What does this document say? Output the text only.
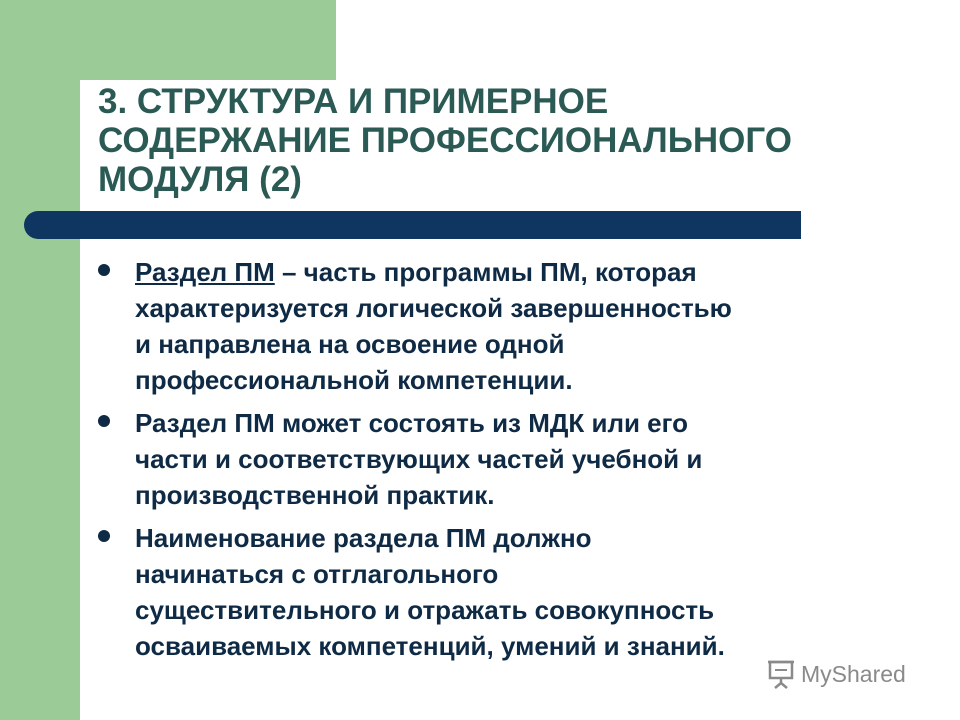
3. СТРУКТУРА И ПРИМЕРНОЕ
СОДЕРЖАНИЕ ПРОФЕССИОНАЛЬНОГО
МОДУЛЯ (2)
Раздел ПМ – часть программы ПМ, которая
характеризуется логической завершенностью
и направлена на освоение одной
профессиональной компетенции.
Раздел ПМ может состоять из МДК или его
части и соответствующих частей учебной и
производственной практик.
Наименование раздела ПМ должно
начинаться с отглагольного
существительного и отражать совокупность
осваиваемых компетенций, умений и знаний.
MyShared
